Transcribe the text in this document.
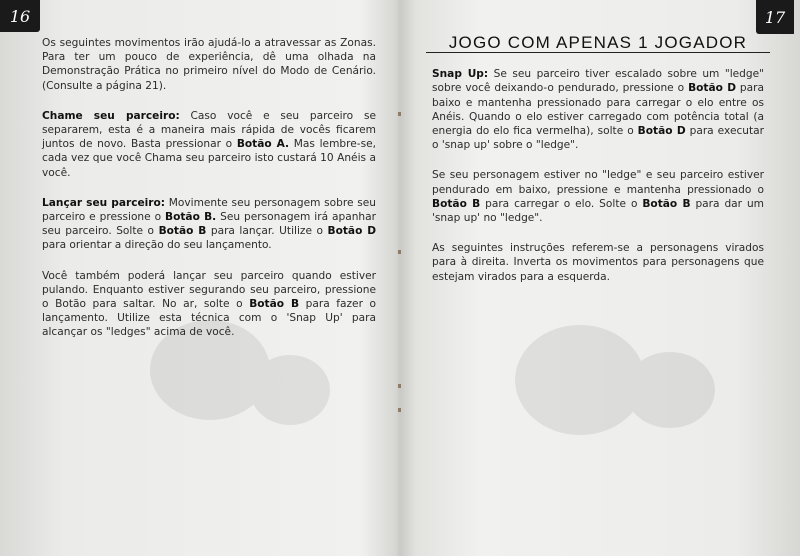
16	17

Os seguintes movimentos irão ajudá-lo a atravessar as Zonas. Para ter um pouco de experiência, dê uma olhada na Demonstração Prática no primeiro nível do Modo de Cenário. (Consulte a página 21).

Chame seu parceiro: Caso você e seu parceiro se separarem, esta é a maneira mais rápida de vocês ficarem juntos de novo. Basta pressionar o Botão A. Mas lembre-se, cada vez que você Chama seu parceiro isto custará 10 Anéis a você.

Lançar seu parceiro: Movimente seu personagem sobre seu parceiro e pressione o Botão B. Seu personagem irá apanhar seu parceiro. Solte o Botão B para lançar. Utilize o Botão D para orientar a direção do seu lançamento.

Você também poderá lançar seu parceiro quando estiver pulando. Enquanto estiver segurando seu parceiro, pressione o Botão para saltar. No ar, solte o Botão B para fazer o lançamento. Utilize esta técnica com o 'Snap Up' para alcançar os "ledges" acima de você.

JOGO COM APENAS 1 JOGADOR

Snap Up: Se seu parceiro tiver escalado sobre um "ledge" sobre você deixando-o pendurado, pressione o Botão D para baixo e mantenha pressionado para carregar o elo entre os Anéis. Quando o elo estiver carregado com potência total (a energia do elo fica vermelha), solte o Botão D para executar o 'snap up' sobre o "ledge".

Se seu personagem estiver no "ledge" e seu parceiro estiver pendurado em baixo, pressione e mantenha pressionado o Botão B para carregar o elo. Solte o Botão B para dar um 'snap up' no "ledge".

As seguintes instruções referem-se a personagens virados para à direita. Inverta os movimentos para personagens que estejam virados para a esquerda.
